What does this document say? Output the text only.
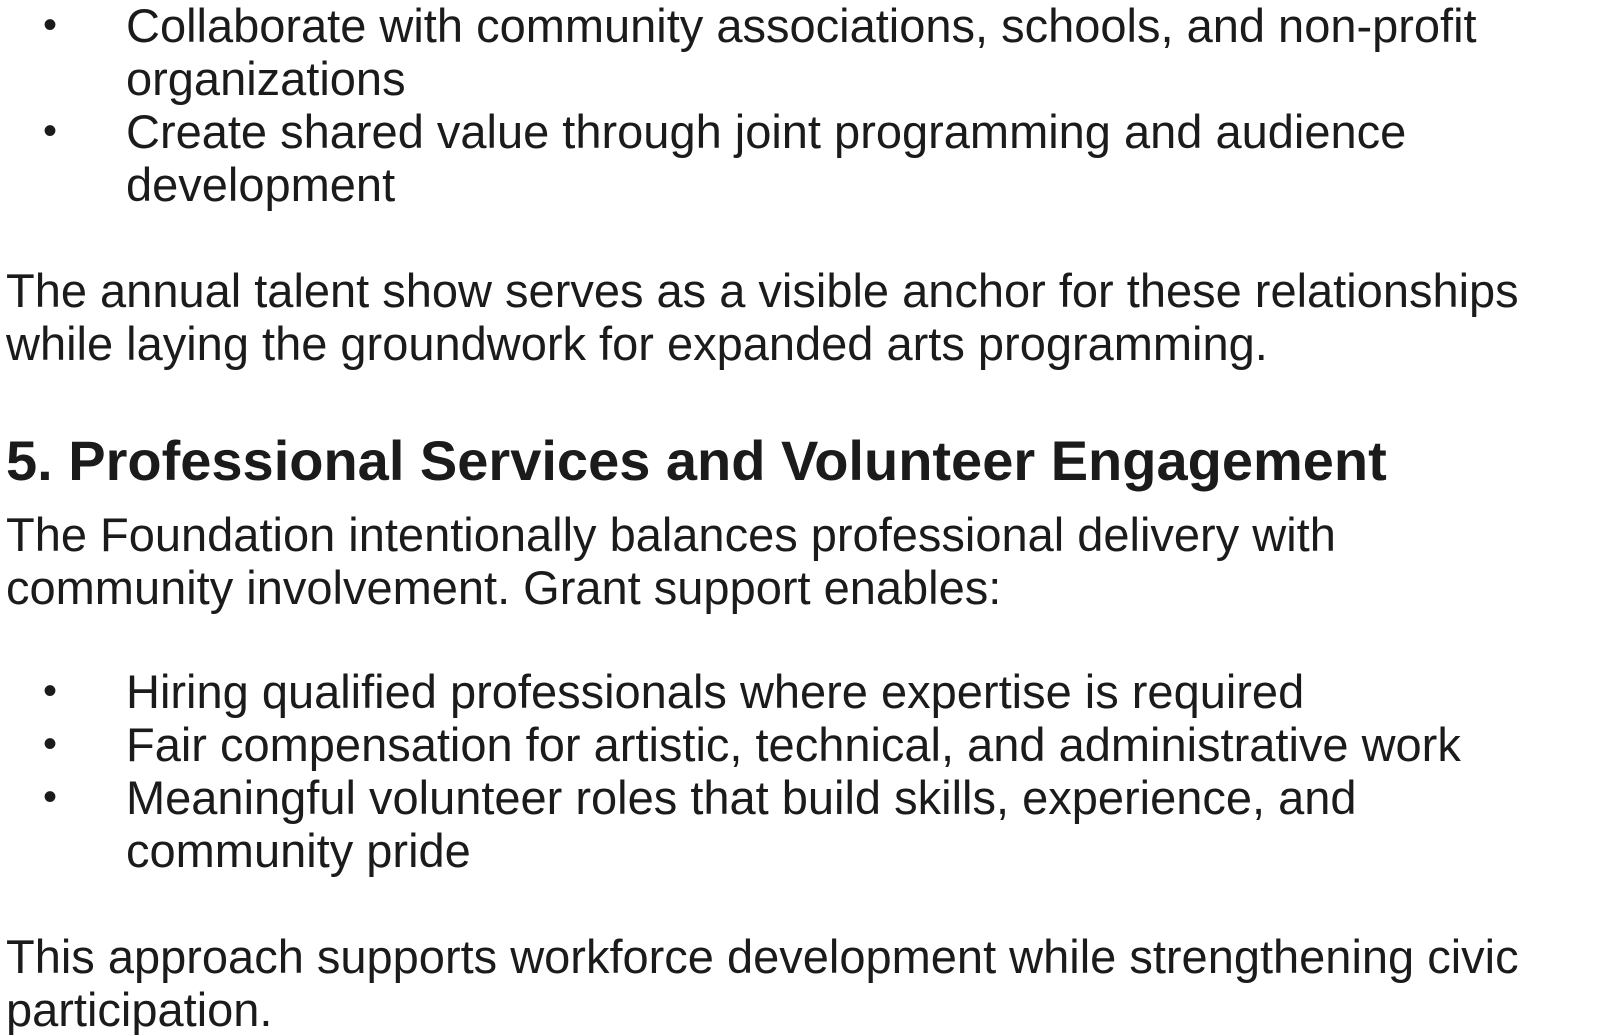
• Collaborate with community associations, schools, and non-profit organizations
• Create shared value through joint programming and audience development

The annual talent show serves as a visible anchor for these relationships
while laying the groundwork for expanded arts programming.

5. Professional Services and Volunteer Engagement

The Foundation intentionally balances professional delivery with
community involvement. Grant support enables:

• Hiring qualified professionals where expertise is required
• Fair compensation for artistic, technical, and administrative work
• Meaningful volunteer roles that build skills, experience, and community pride

This approach supports workforce development while strengthening civic
participation.
